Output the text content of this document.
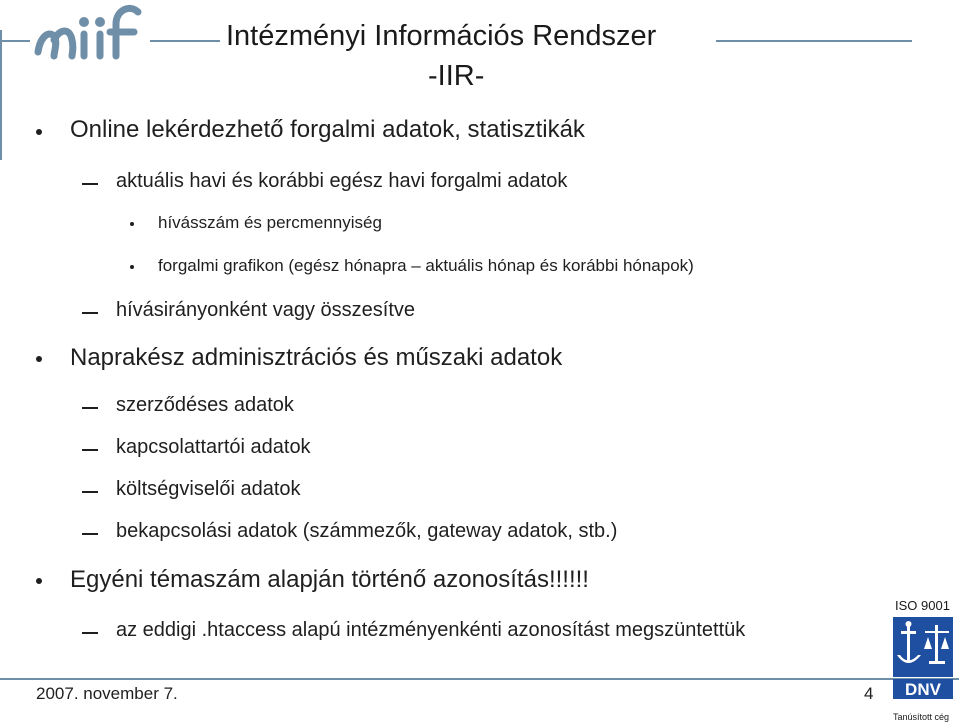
Intézményi Információs Rendszer
-IIR-
Online lekérdezhető forgalmi adatok, statisztikák
aktuális havi és korábbi egész havi forgalmi adatok
hívásszám és percmennyiség
forgalmi grafikon (egész hónapra – aktuális hónap és korábbi hónapok)
hívásirányonként vagy összesítve
Naprakész adminisztrációs és műszaki adatok
szerződéses adatok
kapcsolattartói adatok
költségviselői adatok
bekapcsolási adatok (számmezők, gateway adatok, stb.)
Egyéni témaszám alapján történő azonosítás!!!!!!
az eddigi .htaccess alapú intézményenkénti azonosítást megszüntettük
2007. november 7.	4
ISO 9001
DNV
Tanúsított cég
